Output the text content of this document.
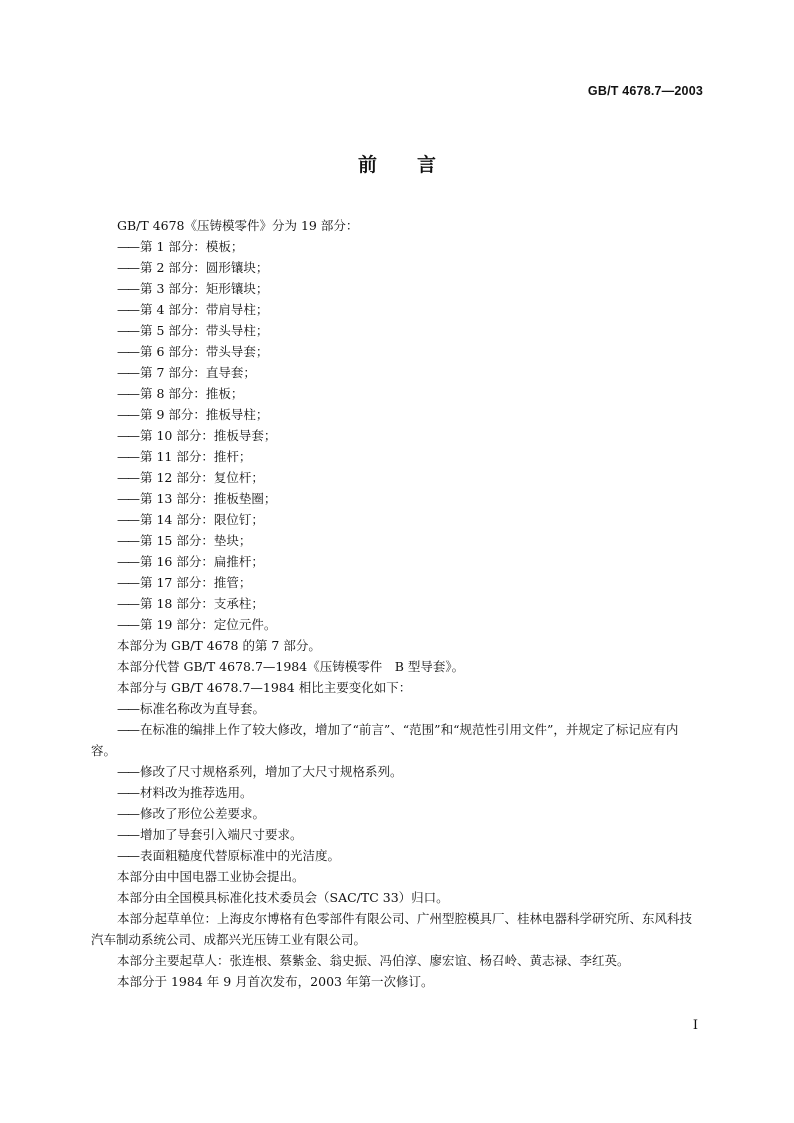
GB/T 4678.7—2003
前 言
GB/T 4678《压铸模零件》分为 19 部分：
—— 第 1 部分：模板；
—— 第 2 部分：圆形镶块；
—— 第 3 部分：矩形镶块；
—— 第 4 部分：带肩导柱；
—— 第 5 部分：带头导柱；
—— 第 6 部分：带头导套；
—— 第 7 部分：直导套；
—— 第 8 部分：推板；
—— 第 9 部分：推板导柱；
—— 第 10 部分：推板导套；
—— 第 11 部分：推杆；
—— 第 12 部分：复位杆；
—— 第 13 部分：推板垫圈；
—— 第 14 部分：限位钉；
—— 第 15 部分：垫块；
—— 第 16 部分：扁推杆；
—— 第 17 部分：推管；
—— 第 18 部分：支承柱；
—— 第 19 部分：定位元件。
本部分为 GB/T 4678 的第 7 部分。
本部分代替 GB/T 4678.7—1984《压铸模零件　B 型导套》。
本部分与 GB/T 4678.7—1984 相比主要变化如下：
—— 标准名称改为直导套。
—— 在标准的编排上作了较大修改，增加了“前言”、“范围”和“规范性引用文件”，并规定了标记应有内容。
—— 修改了尺寸规格系列，增加了大尺寸规格系列。
—— 材料改为推荐选用。
—— 修改了形位公差要求。
—— 增加了导套引入端尺寸要求。
—— 表面粗糙度代替原标准中的光洁度。
本部分由中国电器工业协会提出。
本部分由全国模具标准化技术委员会（SAC/TC 33）归口。
本部分起草单位：上海皮尔博格有色零部件有限公司、广州型腔模具厂、桂林电器科学研究所、东风科技汽车制动系统公司、成都兴光压铸工业有限公司。
本部分主要起草人：张连根、蔡紫金、翁史振、冯伯淳、廖宏谊、杨召岭、黄志禄、李红英。
本部分于 1984 年 9 月首次发布，2003 年第一次修订。
I
